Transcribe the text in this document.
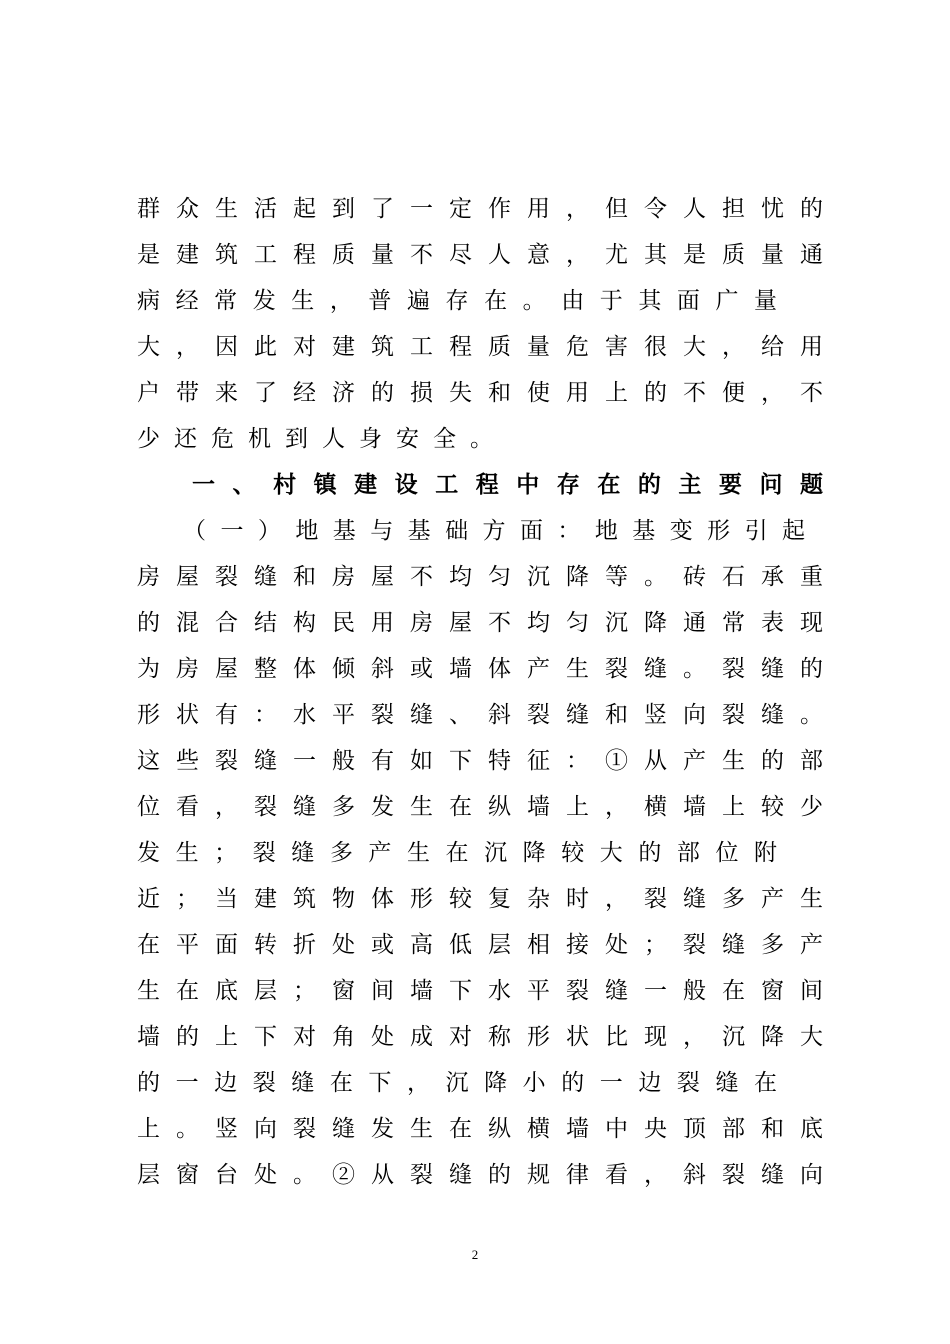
群众生活起到了一定作用，但令人担忧的
是建筑工程质量不尽人意，尤其是质量通
病经常发生，普遍存在。由于其面广量
大，因此对建筑工程质量危害很大，给用
户带来了经济的损失和使用上的不便，不
少还危机到人身安全。
一、村镇建设工程中存在的主要问题
（一）地基与基础方面：地基变形引起
房屋裂缝和房屋不均匀沉降等。砖石承重
的混合结构民用房屋不均匀沉降通常表现
为房屋整体倾斜或墙体产生裂缝。裂缝的
形状有：水平裂缝、斜裂缝和竖向裂缝。
这些裂缝一般有如下特征：①从产生的部
位看，裂缝多发生在纵墙上，横墙上较少
发生；裂缝多产生在沉降较大的部位附
近；当建筑物体形较复杂时，裂缝多产生
在平面转折处或高低层相接处；裂缝多产
生在底层；窗间墙下水平裂缝一般在窗间
墙的上下对角处成对称形状比现，沉降大
的一边裂缝在下，沉降小的一边裂缝在
上。竖向裂缝发生在纵横墙中央顶部和底
层窗台处。②从裂缝的规律看，斜裂缝向
2
